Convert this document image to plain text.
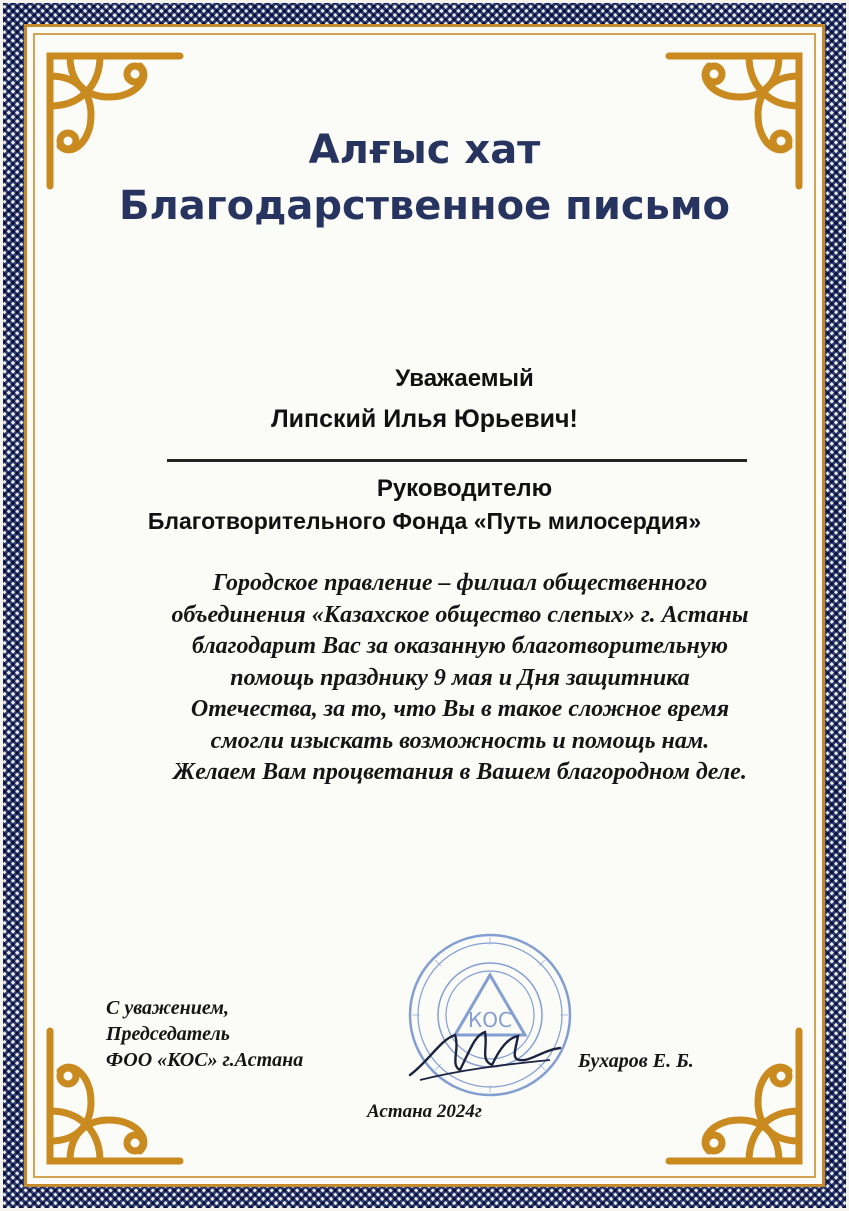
Алғыс хат
Благодарственное письмо
Уважаемый
Липский Илья Юрьевич!
Руководителю
Благотворительного Фонда «Путь милосердия»
Городское правление – филиал общественного
объединения «Казахское общество слепых» г. Астаны
благодарит Вас за оказанную благотворительную
помощь празднику 9 мая и Дня защитника
Отечества, за то, что Вы в такое сложное время
смогли изыскать возможность и помощь нам.
Желаем Вам процветания в Вашем благородном деле.
КОС
С уважением,
Председатель
ФОО «КОС» г.Астана	Бухаров Е. Б.
Астана 2024г
